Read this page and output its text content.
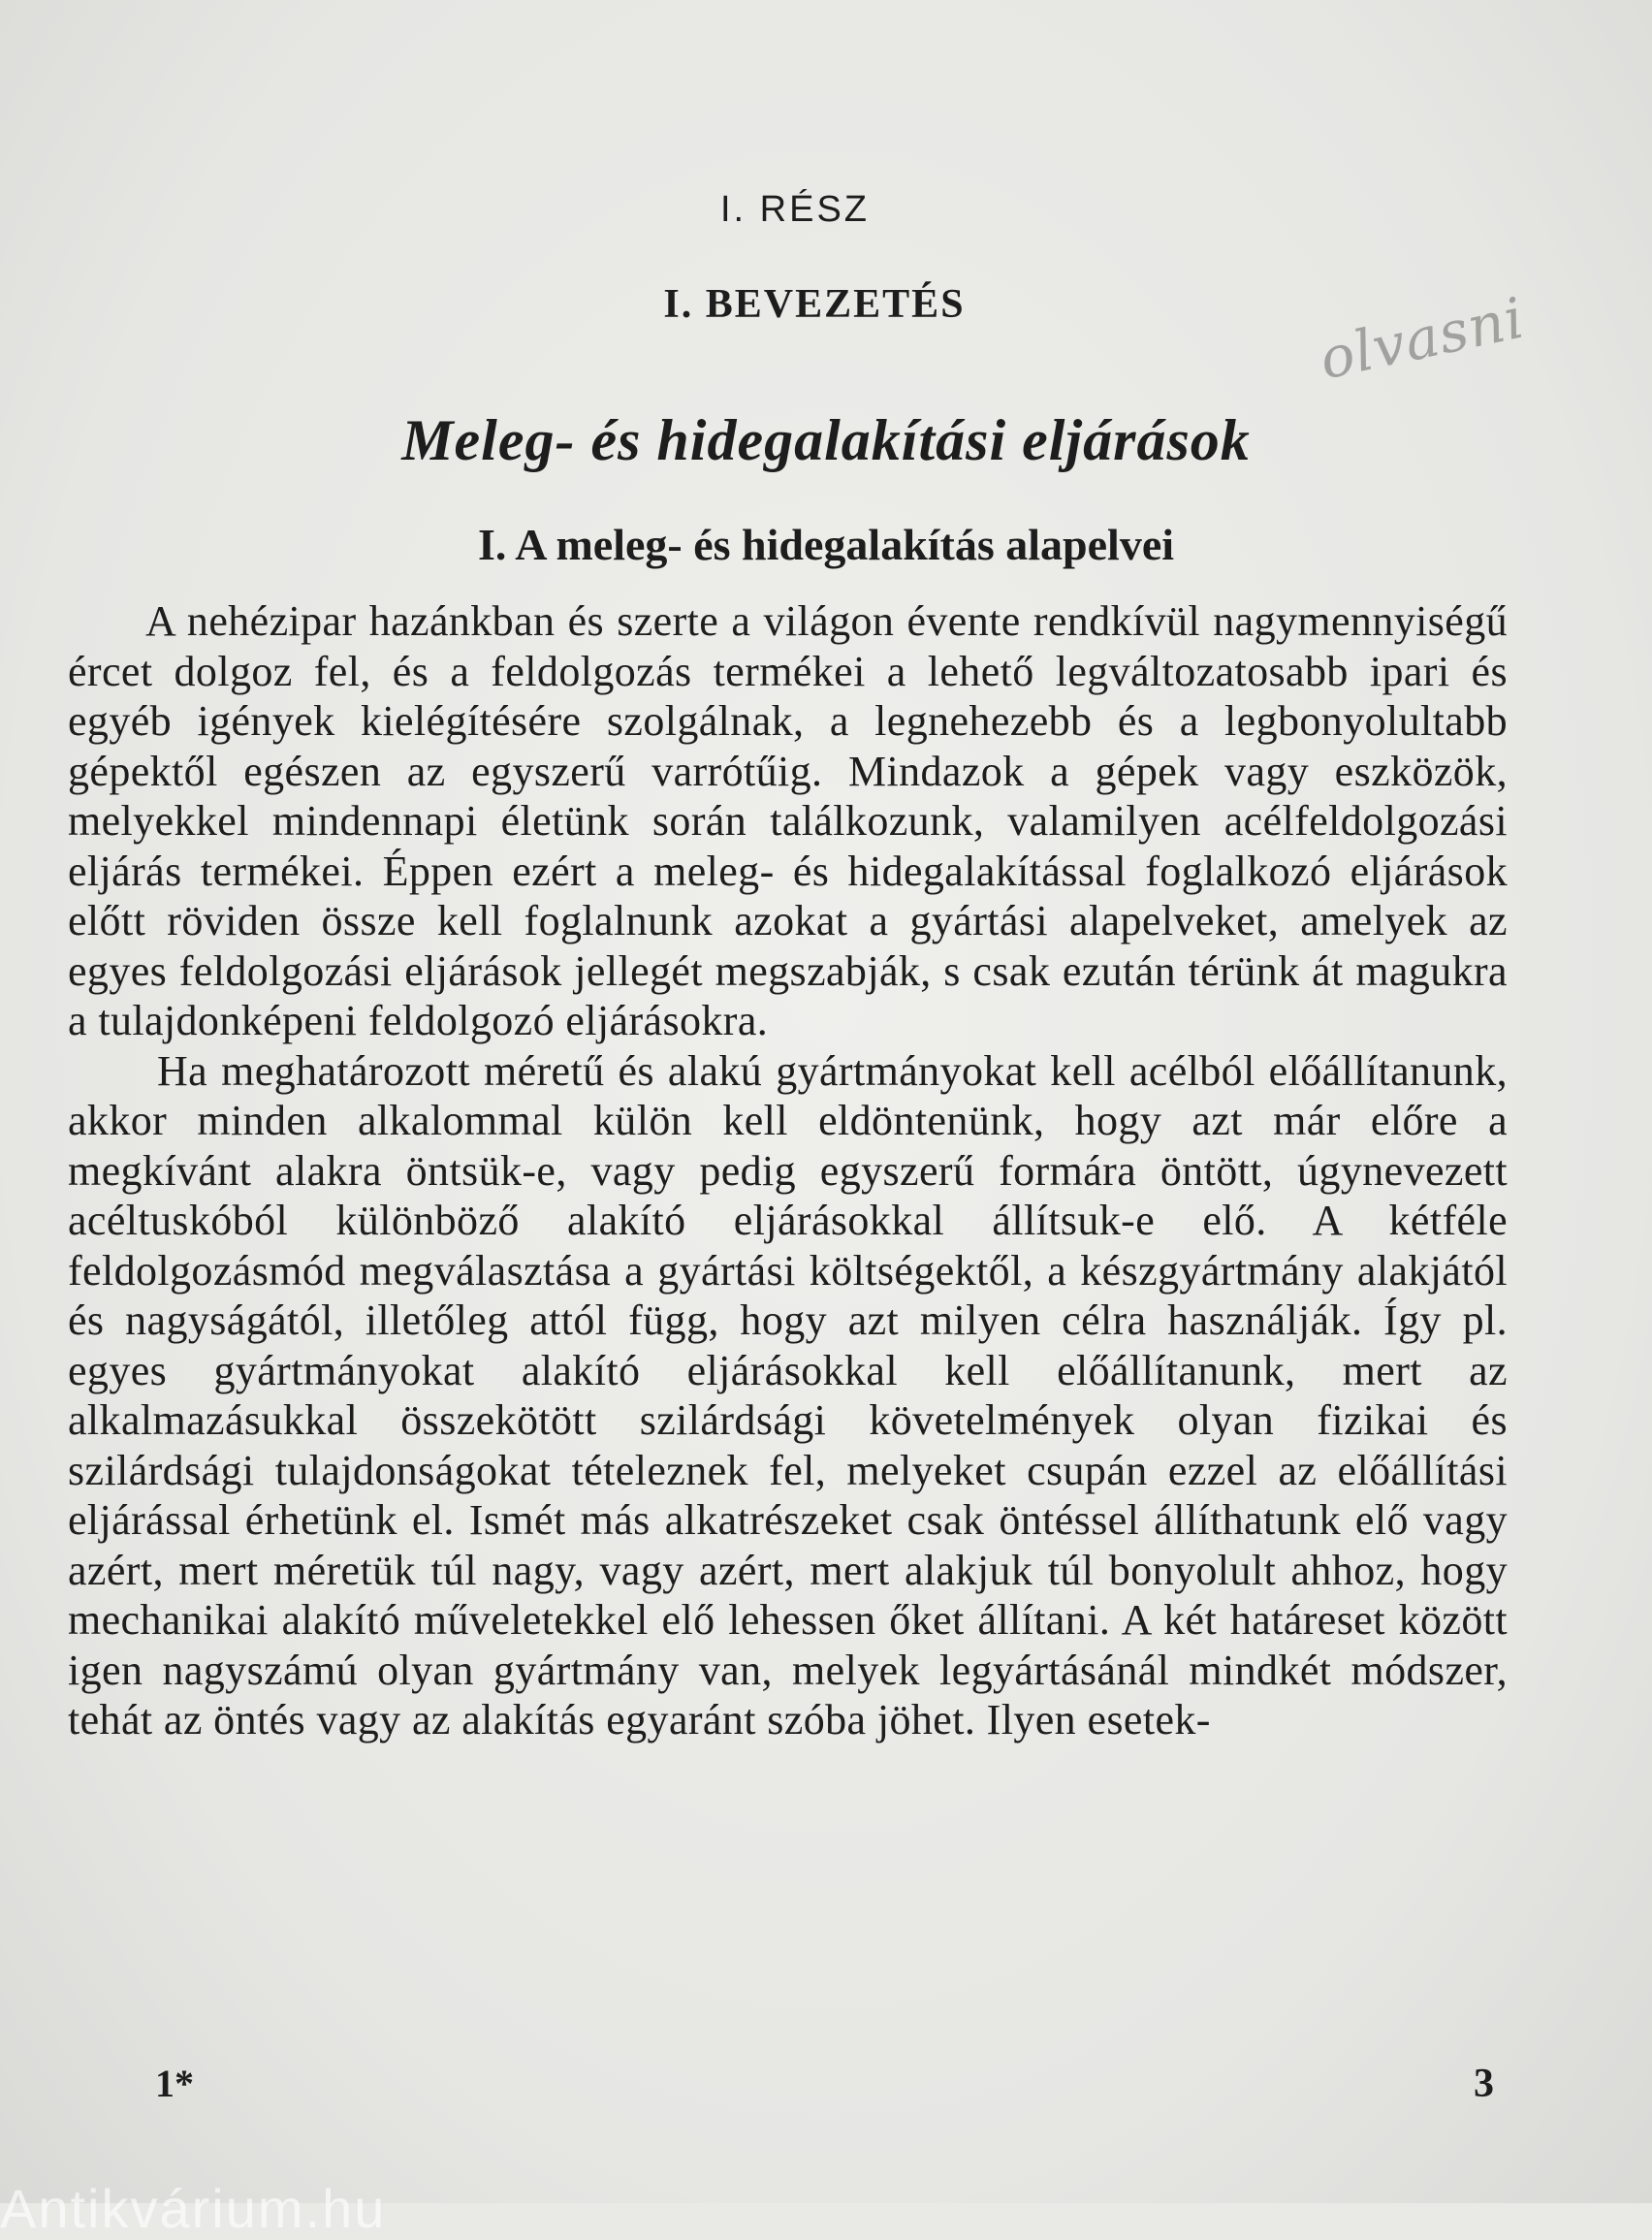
I. RÉSZ
I. BEVEZETÉS	olvasni
Meleg- és hidegalakítási eljárások
I. A meleg- és hidegalakítás alapelvei

A nehézipar hazánkban és szerte a világon évente rendkívül nagymennyiségű ércet dolgoz fel, és a feldolgozás termékei a lehető legváltozatosabb ipari és egyéb igények kielégítésére szolgálnak, a legnehezebb és a legbonyolultabb gépektől egészen az egyszerű varrótűig. Mindazok a gépek vagy eszközök, melyekkel mindennapi életünk során találkozunk, valamilyen acélfeldolgozási eljárás termékei. Éppen ezért a meleg- és hidegalakítással foglalkozó eljárások előtt röviden össze kell foglalnunk azokat a gyártási alapelveket, amelyek az egyes feldolgozási eljárások jellegét megszabják, s csak ezután térünk át magukra a tulajdonképeni feldolgozó eljárásokra.

Ha meghatározott méretű és alakú gyártmányokat kell acélból előállítanunk, akkor minden alkalommal külön kell eldöntenünk, hogy azt már előre a megkívánt alakra öntsük-e, vagy pedig egyszerű formára öntött, úgynevezett acéltuskóból különböző alakító eljárásokkal állítsuk-e elő. A kétféle feldolgozásmód megválasztása a gyártási költségektől, a készgyártmány alakjától és nagyságától, illetőleg attól függ, hogy azt milyen célra használják. Így pl. egyes gyártmányokat alakító eljárásokkal kell előállítanunk, mert az alkalmazásukkal összekötött szilárdsági követelmények olyan fizikai és szilárdsági tulajdonságokat tételeznek fel, melyeket csupán ezzel az előállítási eljárással érhetünk el. Ismét más alkatrészeket csak öntéssel állíthatunk elő vagy azért, mert méretük túl nagy, vagy azért, mert alakjuk túl bonyolult ahhoz, hogy mechanikai alakító műveletekkel elő lehessen őket állítani. A két határeset között igen nagyszámú olyan gyártmány van, melyek legyártásánál mindkét módszer, tehát az öntés vagy az alakítás egyaránt szóba jöhet. Ilyen esetek-

1*	3
Antikvárium.hu
